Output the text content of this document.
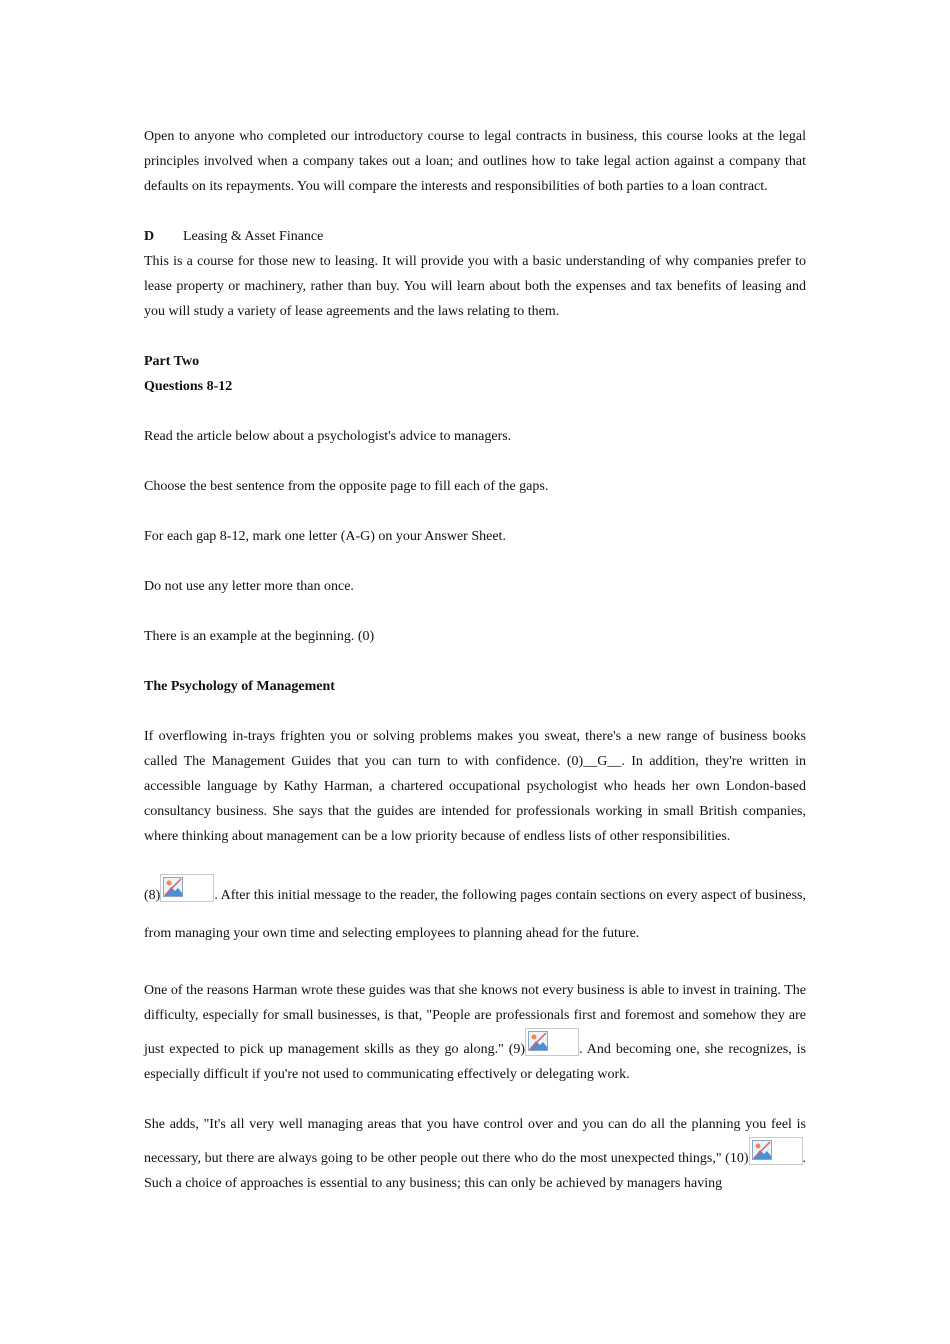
Open to anyone who completed our introductory course to legal contracts in business, this course looks at the legal principles involved when a company takes out a loan; and outlines how to take legal action against a company that defaults on its repayments. You will compare the interests and responsibilities of both parties to a loan contract.

D Leasing & Asset Finance

This is a course for those new to leasing. It will provide you with a basic understanding of why companies prefer to lease property or machinery, rather than buy. You will learn about both the expenses and tax benefits of leasing and you will study a variety of lease agreements and the laws relating to them.

Part Two

Questions 8-12

Read the article below about a psychologist's advice to managers.

Choose the best sentence from the opposite page to fill each of the gaps.

For each gap 8-12, mark one letter (A-G) on your Answer Sheet.

Do not use any letter more than once.

There is an example at the beginning. (0)

The Psychology of Management

If overflowing in-trays frighten you or solving problems makes you sweat, there's a new range of business books called The Management Guides that you can turn to with confidence. (0)__G__. In addition, they're written in accessible language by Kathy Harman, a chartered occupational psychologist who heads her own London-based consultancy business. She says that the guides are intended for professionals working in small British companies, where thinking about management can be a low priority because of endless lists of other responsibilities.

(8)	. After this initial message to the reader, the following pages contain sections on every aspect of business, from managing your own time and selecting employees to planning ahead for the future.

One of the reasons Harman wrote these guides was that she knows not every business is able to invest in training. The difficulty, especially for small businesses, is that, "People are professionals first and foremost and somehow they are just expected to pick up management skills as they go along." (9)	. And becoming one, she recognizes, is especially difficult if you're not used to communicating effectively or delegating work.

She adds, "It's all very well managing areas that you have control over and you can do all the planning you feel is necessary, but there are always going to be other people out there who do the most unexpected things," (10)	. Such a choice of approaches is essential to any business; this can only be achieved by managers having
